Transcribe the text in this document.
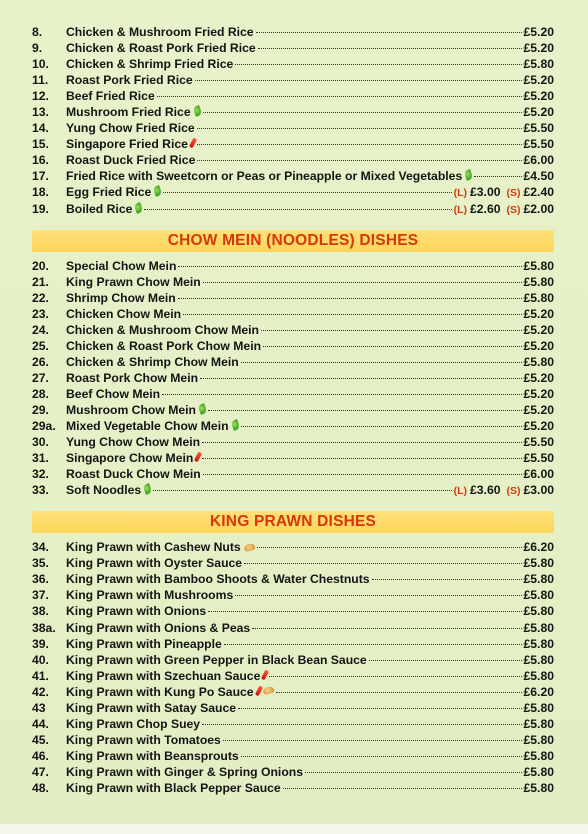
8.	Chicken & Mushroom Fried Rice	£5.20
9.	Chicken & Roast Pork Fried Rice	£5.20
10.	Chicken & Shrimp Fried Rice	£5.80
11.	Roast Pork Fried Rice	£5.20
12.	Beef Fried Rice	£5.20
13.	Mushroom Fried Rice	£5.20
14.	Yung Chow Fried Rice	£5.50
15.	Singapore Fried Rice	£5.50
16.	Roast Duck Fried Rice	£6.00
17.	Fried Rice with Sweetcorn or Peas or Pineapple or Mixed Vegetables	£4.50
18.	Egg Fried Rice	(L) £3.00 (S) £2.40
19.	Boiled Rice	(L) £2.60 (S) £2.00
CHOW MEIN (NOODLES) DISHES
20.	Special Chow Mein	£5.80
21.	King Prawn Chow Mein	£5.80
22.	Shrimp Chow Mein	£5.80
23.	Chicken Chow Mein	£5.20
24.	Chicken & Mushroom Chow Mein	£5.20
25.	Chicken & Roast Pork Chow Mein	£5.20
26.	Chicken & Shrimp Chow Mein	£5.80
27.	Roast Pork Chow Mein	£5.20
28.	Beef Chow Mein	£5.20
29.	Mushroom Chow Mein	£5.20
29a. Mixed Vegetable Chow Mein	£5.20
30.	Yung Chow Chow Mein	£5.50
31.	Singapore Chow Mein	£5.50
32.	Roast Duck Chow Mein	£6.00
33.	Soft Noodles	(L) £3.60 (S) £3.00
KING PRAWN DISHES
34.	King Prawn with Cashew Nuts	£6.20
35.	King Prawn with Oyster Sauce	£5.80
36.	King Prawn with Bamboo Shoots & Water Chestnuts	£5.80
37.	King Prawn with Mushrooms	£5.80
38.	King Prawn with Onions	£5.80
38a. King Prawn with Onions & Peas	£5.80
39.	King Prawn with Pineapple	£5.80
40.	King Prawn with Green Pepper in Black Bean Sauce	£5.80
41.	King Prawn with Szechuan Sauce	£5.80
42.	King Prawn with Kung Po Sauce	£6.20
43	King Prawn with Satay Sauce	£5.80
44.	King Prawn Chop Suey	£5.80
45.	King Prawn with Tomatoes	£5.80
46.	King Prawn with Beansprouts	£5.80
47.	King Prawn with Ginger & Spring Onions	£5.80
48.	King Prawn with Black Pepper Sauce	£5.80
